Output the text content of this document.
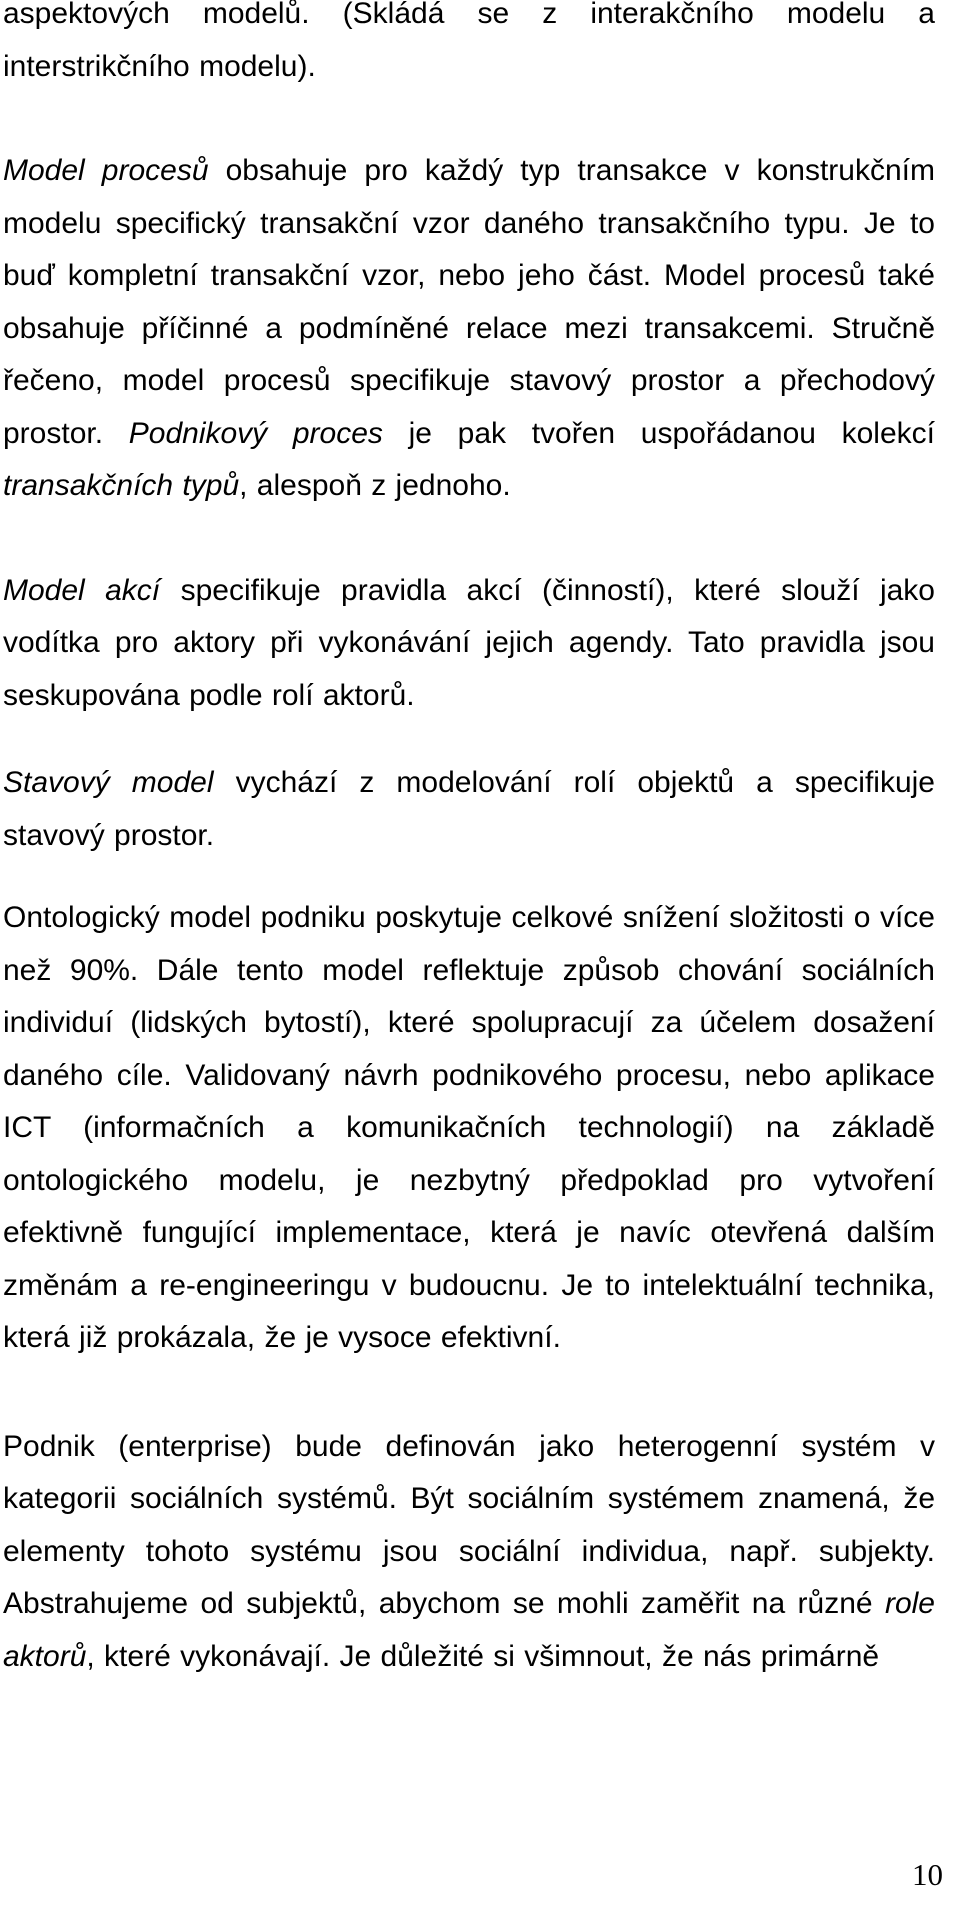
aspektových modelů. (Skládá se z interakčního modelu a interstrikčního modelu).

Model procesů obsahuje pro každý typ transakce v konstrukčním modelu specifický transakční vzor daného transakčního typu. Je to buď kompletní transakční vzor, nebo jeho část. Model procesů také obsahuje příčinné a podmíněné relace mezi transakcemi. Stručně řečeno, model procesů specifikuje stavový prostor a přechodový prostor. Podnikový proces je pak tvořen uspořádanou kolekcí transakčních typů, alespoň z jednoho.

Model akcí specifikuje pravidla akcí (činností), které slouží jako vodítka pro aktory při vykonávání jejich agendy. Tato pravidla jsou seskupována podle rolí aktorů.

Stavový model vychází z modelování rolí objektů a specifikuje stavový prostor.

Ontologický model podniku poskytuje celkové snížení složitosti o více než 90%. Dále tento model reflektuje způsob chování sociálních individuí (lidských bytostí), které spolupracují za účelem dosažení daného cíle. Validovaný návrh podnikového procesu, nebo aplikace ICT (informačních a komunikačních technologií) na základě ontologického modelu, je nezbytný předpoklad pro vytvoření efektivně fungující implementace, která je navíc otevřená dalším změnám a re-engineeringu v budoucnu. Je to intelektuální technika, která již prokázala, že je vysoce efektivní.

Podnik (enterprise) bude definován jako heterogenní systém v kategorii sociálních systémů. Být sociálním systémem znamená, že elementy tohoto systému jsou sociální individua, např. subjekty. Abstrahujeme od subjektů, abychom se mohli zaměřit na různé role aktorů, které vykonávají. Je důležité si všimnout, že nás primárně

10
